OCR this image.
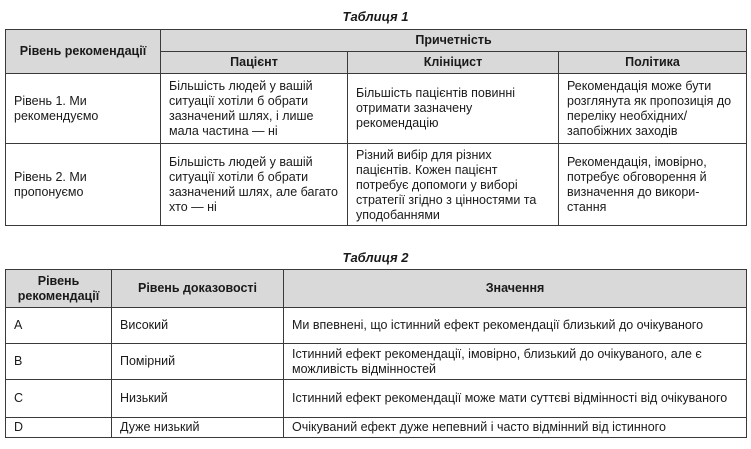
Таблиця 1
Рівень рекомендації	Причетність		
	Пацієнт	Клініцист	Політика
Рівень 1. Ми рекомендуємо	Більшість людей у вашій ситуації хотіли б обрати зазначений шлях, і лише мала частина — ні	Більшість пацієнтів повинні отримати зазначену рекомендацію	Рекомендація може бути розглянута як пропозиція до переліку необхідних/запобіжних заходів
Рівень 2. Ми пропонуємо	Більшість людей у вашій ситуації хотіли б обрати зазначений шлях, але багато хто — ні	Різний вибір для різних пацієнтів. Кожен пацієнт потребує допомоги у виборі стратегії згідно з цінностями та уподобаннями	Рекомендація, імовірно, потребує обговорення й визначення до викори-стання
Таблиця 2
Рівень рекомендації	Рівень доказовості	Значення
A	Високий	Ми впевнені, що істинний ефект рекомендації близький до очікуваного
B	Помірний	Істинний ефект рекомендації, імовірно, близький до очікуваного, але є можливість відмінностей
C	Низький	Істинний ефект рекомендації може мати суттєві відмінності від очікуваного
D	Дуже низький	Очікуваний ефект дуже непевний і часто відмінний від істинного
